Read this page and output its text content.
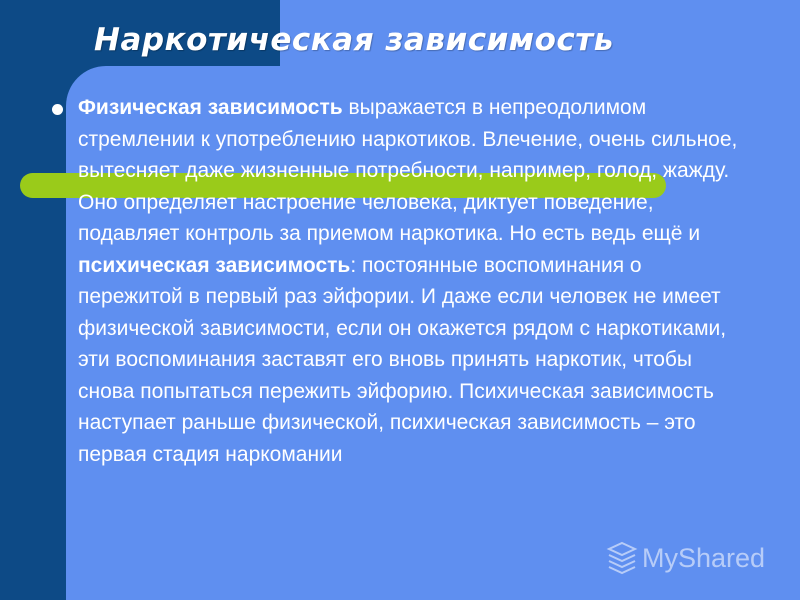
Наркотическая зависимость

Физическая зависимость выражается в непреодолимом стремлении к употреблению наркотиков. Влечение, очень сильное, вытесняет даже жизненные потребности, например, голод, жажду. Оно определяет настроение человека, диктует поведение, подавляет контроль за приемом наркотика. Но есть ведь ещё и психическая зависимость: постоянные воспоминания о пережитой в первый раз эйфории. И даже если человек не имеет физической зависимости, если он окажется рядом с наркотиками, эти воспоминания заставят его вновь принять наркотик, чтобы снова попытаться пережить эйфорию. Психическая зависимость наступает раньше физической, психическая зависимость – это первая стадия наркомании

MyShared
